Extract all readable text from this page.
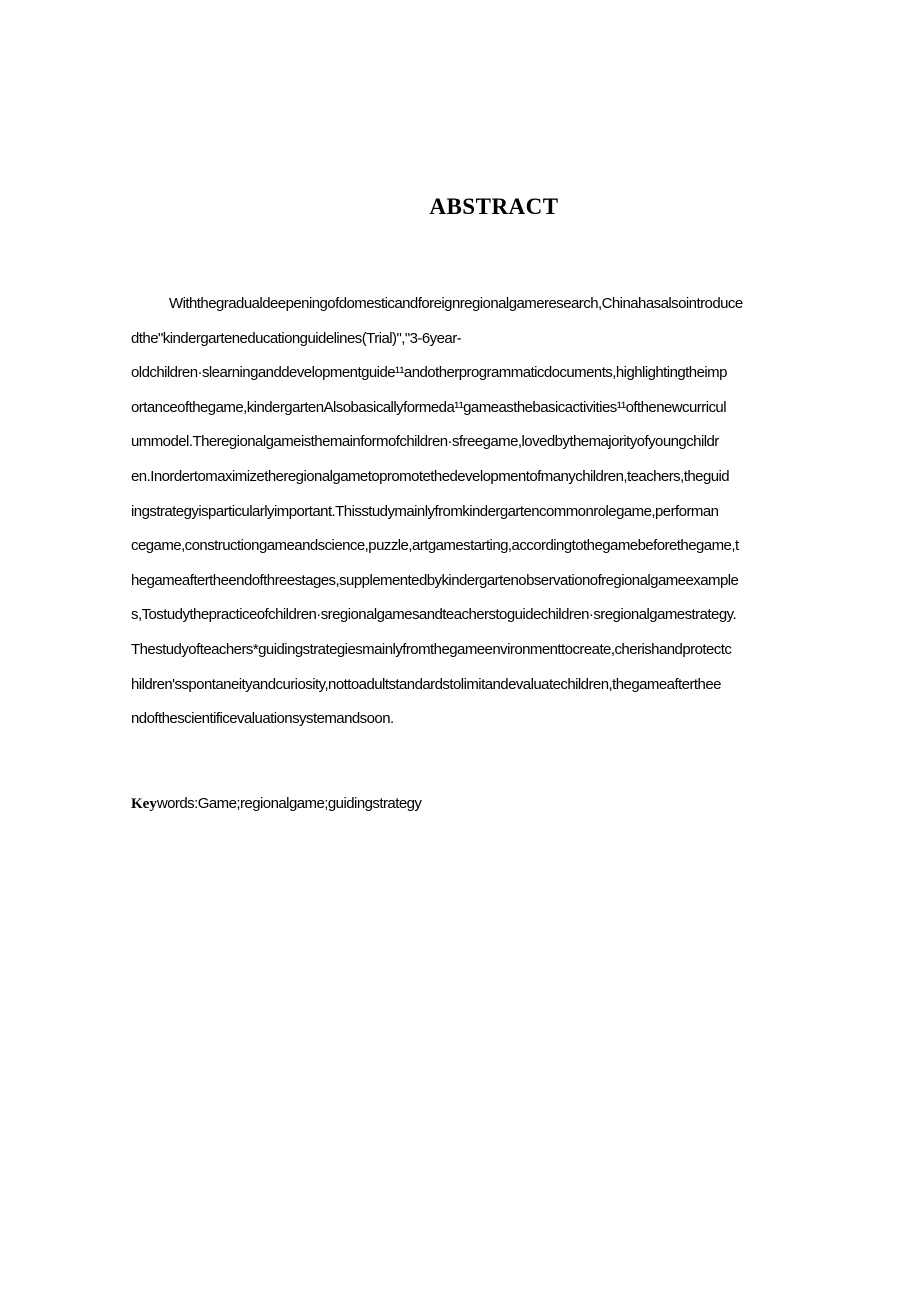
ABSTRACT
Withthegradualdeepeningofdomesticandforeignregionalgameresearch,Chinahasalsointroduce
dthe"kindergarteneducationguidelines(Trial)","3-6year-
oldchildren·slearninganddevelopmentguide¹¹andotherprogrammaticdocuments,highlightingtheimp
ortanceofthegame,kindergartenAlsobasicallyformeda¹¹gameasthebasicactivities¹¹ofthenewcurricul
ummodel.Theregionalgameisthemainformofchildren·sfreegame,lovedbythemajorityofyoungchildr
en.Inordertomaximizetheregionalgametopromotethedevelopmentofmanychildren,teachers,theguid
ingstrategyisparticularlyimportant.Thisstudymainlyfromkindergartencommonrolegame,performan
cegame,constructiongameandscience,puzzle,artgamestarting,accordingtothegamebeforethegame,t
hegameaftertheendofthreestages,supplementedbykindergartenobservationofregionalgameexample
s,Tostudythepracticeofchildren·sregionalgamesandteacherstoguidechildren·sregionalgamestrategy.
Thestudyofteachers*guidingstrategiesmainlyfromthegameenvironmenttocreate,cherishandprotectc
hildren'sspontaneityandcuriosity,nottoadultstandardstolimitandevaluatechildren,thegameafterthee
ndofthescientificevaluationsystemandsoon.
Keywords:Game;regionalgame;guidingstrategy
